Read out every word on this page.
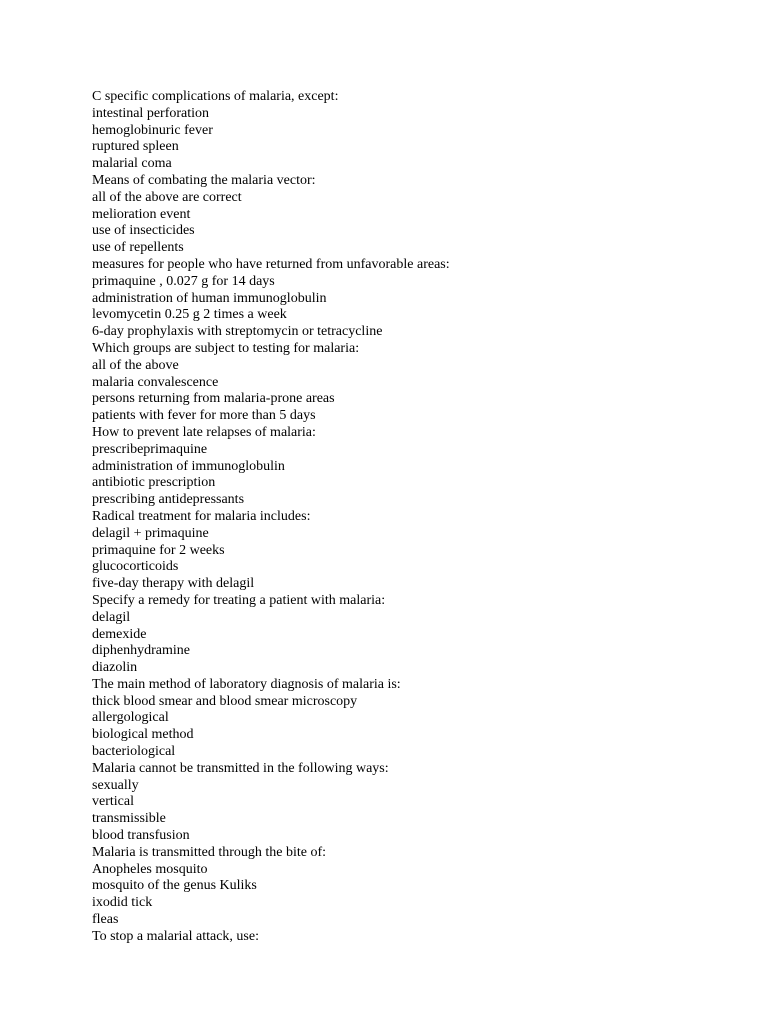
C specific complications of malaria, except:
intestinal perforation
hemoglobinuric fever
ruptured spleen
malarial coma
Means of combating the malaria vector:
all of the above are correct
melioration event
use of insecticides
use of repellents
measures for people who have returned from unfavorable areas:
primaquine , 0.027 g for 14 days
administration of human immunoglobulin
levomycetin 0.25 g 2 times a week
6-day prophylaxis with streptomycin or tetracycline
Which groups are subject to testing for malaria:
all of the above
malaria convalescence
persons returning from malaria-prone areas
patients with fever for more than 5 days
How to prevent late relapses of malaria:
prescribeprimaquine
administration of immunoglobulin
antibiotic prescription
prescribing antidepressants
Radical treatment for malaria includes:
delagil + primaquine
primaquine for 2 weeks
glucocorticoids
five-day therapy with delagil
Specify a remedy for treating a patient with malaria:
delagil
demexide
diphenhydramine
diazolin
The main method of laboratory diagnosis of malaria is:
thick blood smear and blood smear microscopy
allergological
biological method
bacteriological
Malaria cannot be transmitted in the following ways:
sexually
vertical
transmissible
blood transfusion
Malaria is transmitted through the bite of:
Anopheles mosquito
mosquito of the genus Kuliks
ixodid tick
fleas
To stop a malarial attack, use:
